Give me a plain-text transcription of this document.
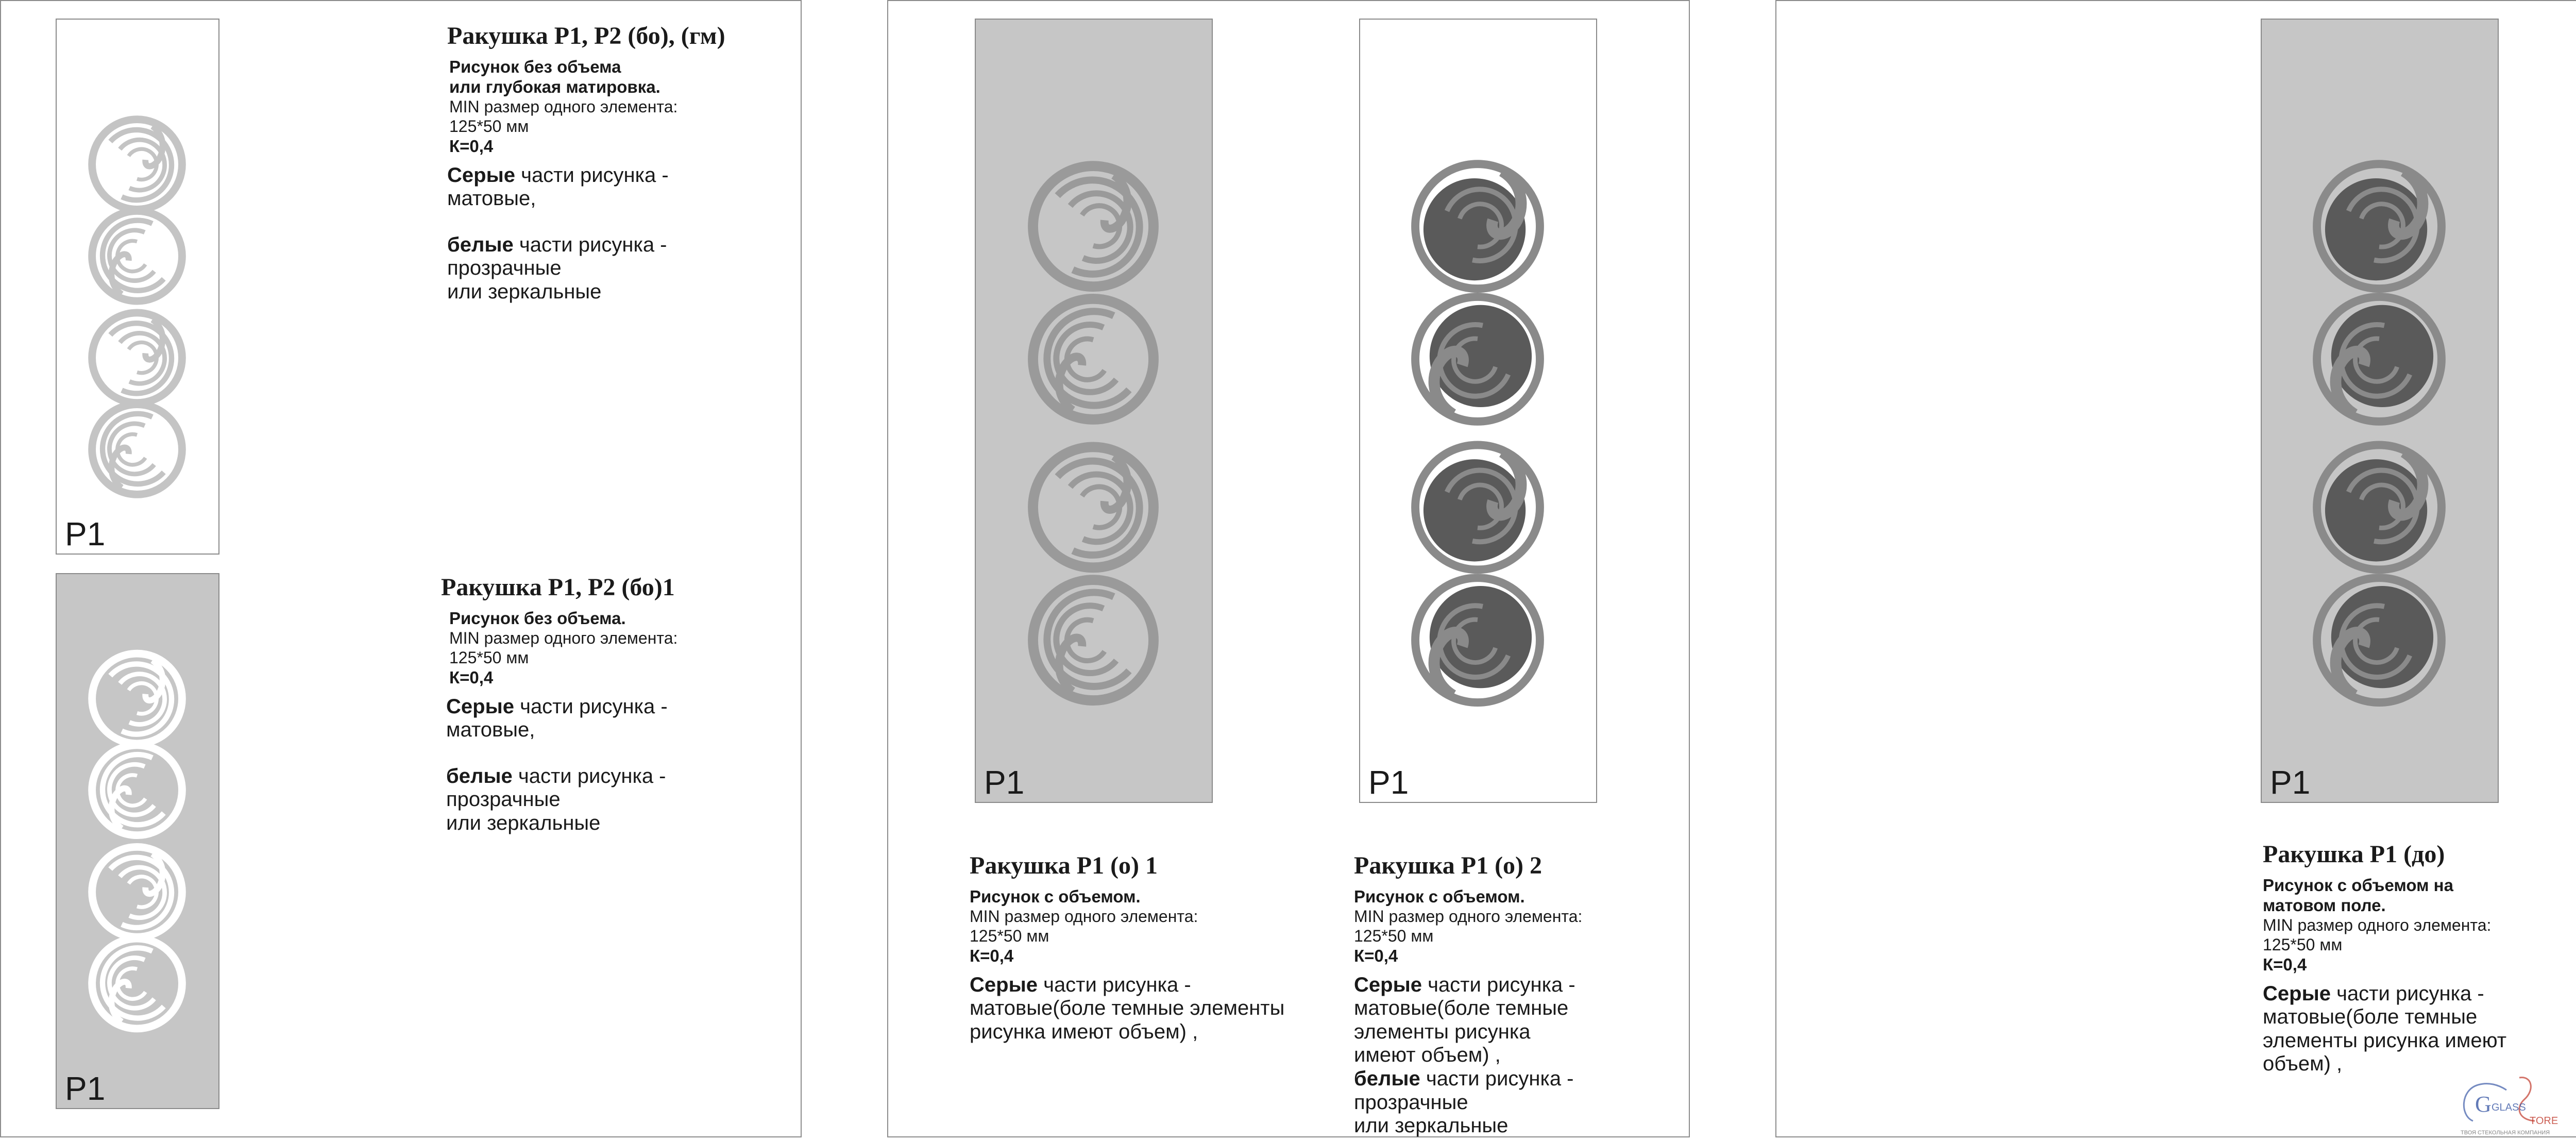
P1
P1
P1	P1	P1
Ракушка Р1, Р2 (бо), (гм)
Рисунок без объема
или глубокая матировка.
MIN размер одного элемента:
125*50 мм
К=0,4
Серые части рисунка -
матовые,
белые части рисунка -
прозрачные
или зеркальные
Ракушка Р1, Р2 (бо)1
Рисунок без объема.
MIN размер одного элемента:
125*50 мм
К=0,4
Серые части рисунка -
матовые,
белые части рисунка -
прозрачные
или зеркальные
Ракушка Р1 (о) 1
Рисунок с объемом.
MIN размер одного элемента:
125*50 мм
К=0,4
Серые части рисунка -
матовые(боле темные элементы
рисунка имеют объем) ,
Ракушка Р1 (о) 2
Рисунок с объемом.
MIN размер одного элемента:
125*50 мм
К=0,4
Серые части рисунка -
матовые(боле темные
элементы рисунка
имеют объем) ,
белые части рисунка -
прозрачные
или зеркальные
Ракушка Р1 (до)
Рисунок с объемом на
матовом поле.
MIN размер одного элемента:
125*50 мм
К=0,4
Серые части рисунка -
матовые(боле темные
элементы рисунка имеют
объем) ,
G GLASS
TORE
ТВОЯ СТЕКОЛЬНАЯ КОМПАНИЯ
